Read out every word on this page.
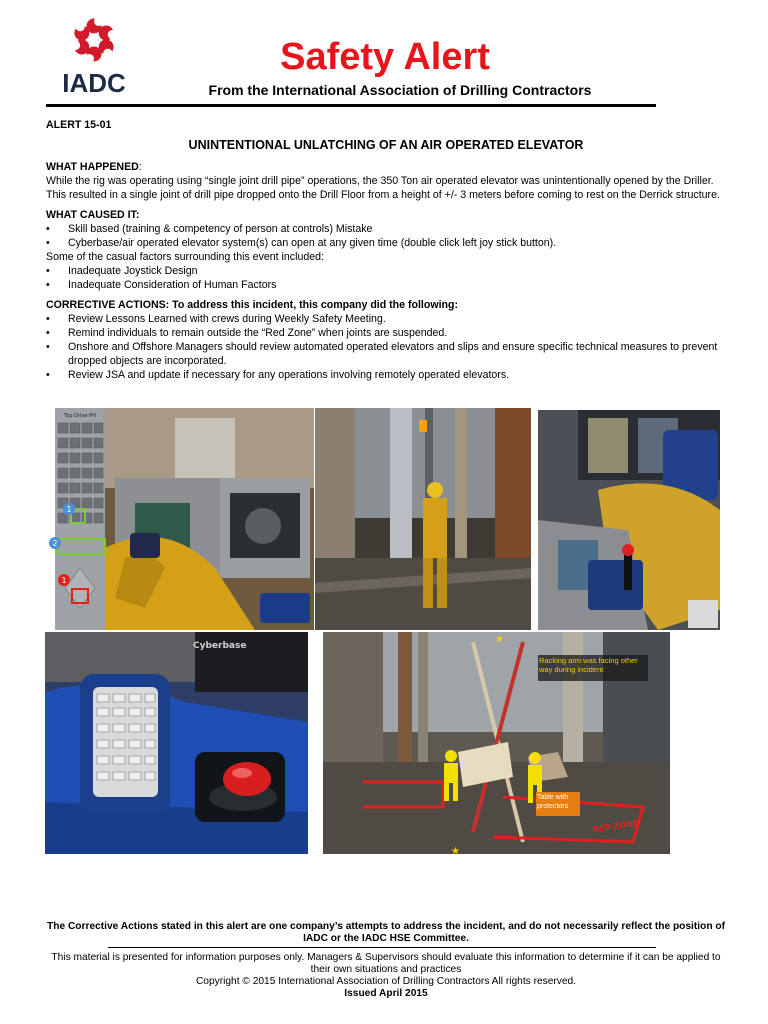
IADC
Safety Alert
From the International Association of Drilling Contractors
ALERT 15-01
UNINTENTIONAL UNLATCHING OF AN AIR OPERATED ELEVATOR
WHAT HAPPENED:
While the rig was operating using “single joint drill pipe” operations, the 350 Ton air operated elevator was unintentionally opened by the Driller. This resulted in a single joint of drill pipe dropped onto the Drill Floor from a height of +/- 3 meters before coming to rest on the Derrick structure.
WHAT CAUSED IT:
• Skill based (training & competency of person at controls) Mistake
• Cyberbase/air operated elevator system(s) can open at any given time (double click left joy stick button).
Some of the casual factors surrounding this event included:
• Inadequate Joystick Design
• Inadequate Consideration of Human Factors
CORRECTIVE ACTIONS: To address this incident, this company did the following:
• Review Lessons Learned with crews during Weekly Safety Meeting.
• Remind individuals to remain outside the “Red Zone” when joints are suspended.
• Onshore and Offshore Managers should review automated operated elevators and slips and ensure specific technical measures to prevent dropped objects are incorporated.
• Review JSA and update if necessary for any operations involving remotely operated elevators.
Top Drive PH
1
2
1
Cyberbase
RED ZONE
Racking arm was facing other way during incident
Table with protectors
★
★
The Corrective Actions stated in this alert are one company’s attempts to address the incident, and do not necessarily reflect the position of IADC or the IADC HSE Committee.
This material is presented for information purposes only. Managers & Supervisors should evaluate this information to determine if it can be applied to their own situations and practices
Copyright © 2015 International Association of Drilling Contractors All rights reserved.
Issued April 2015
